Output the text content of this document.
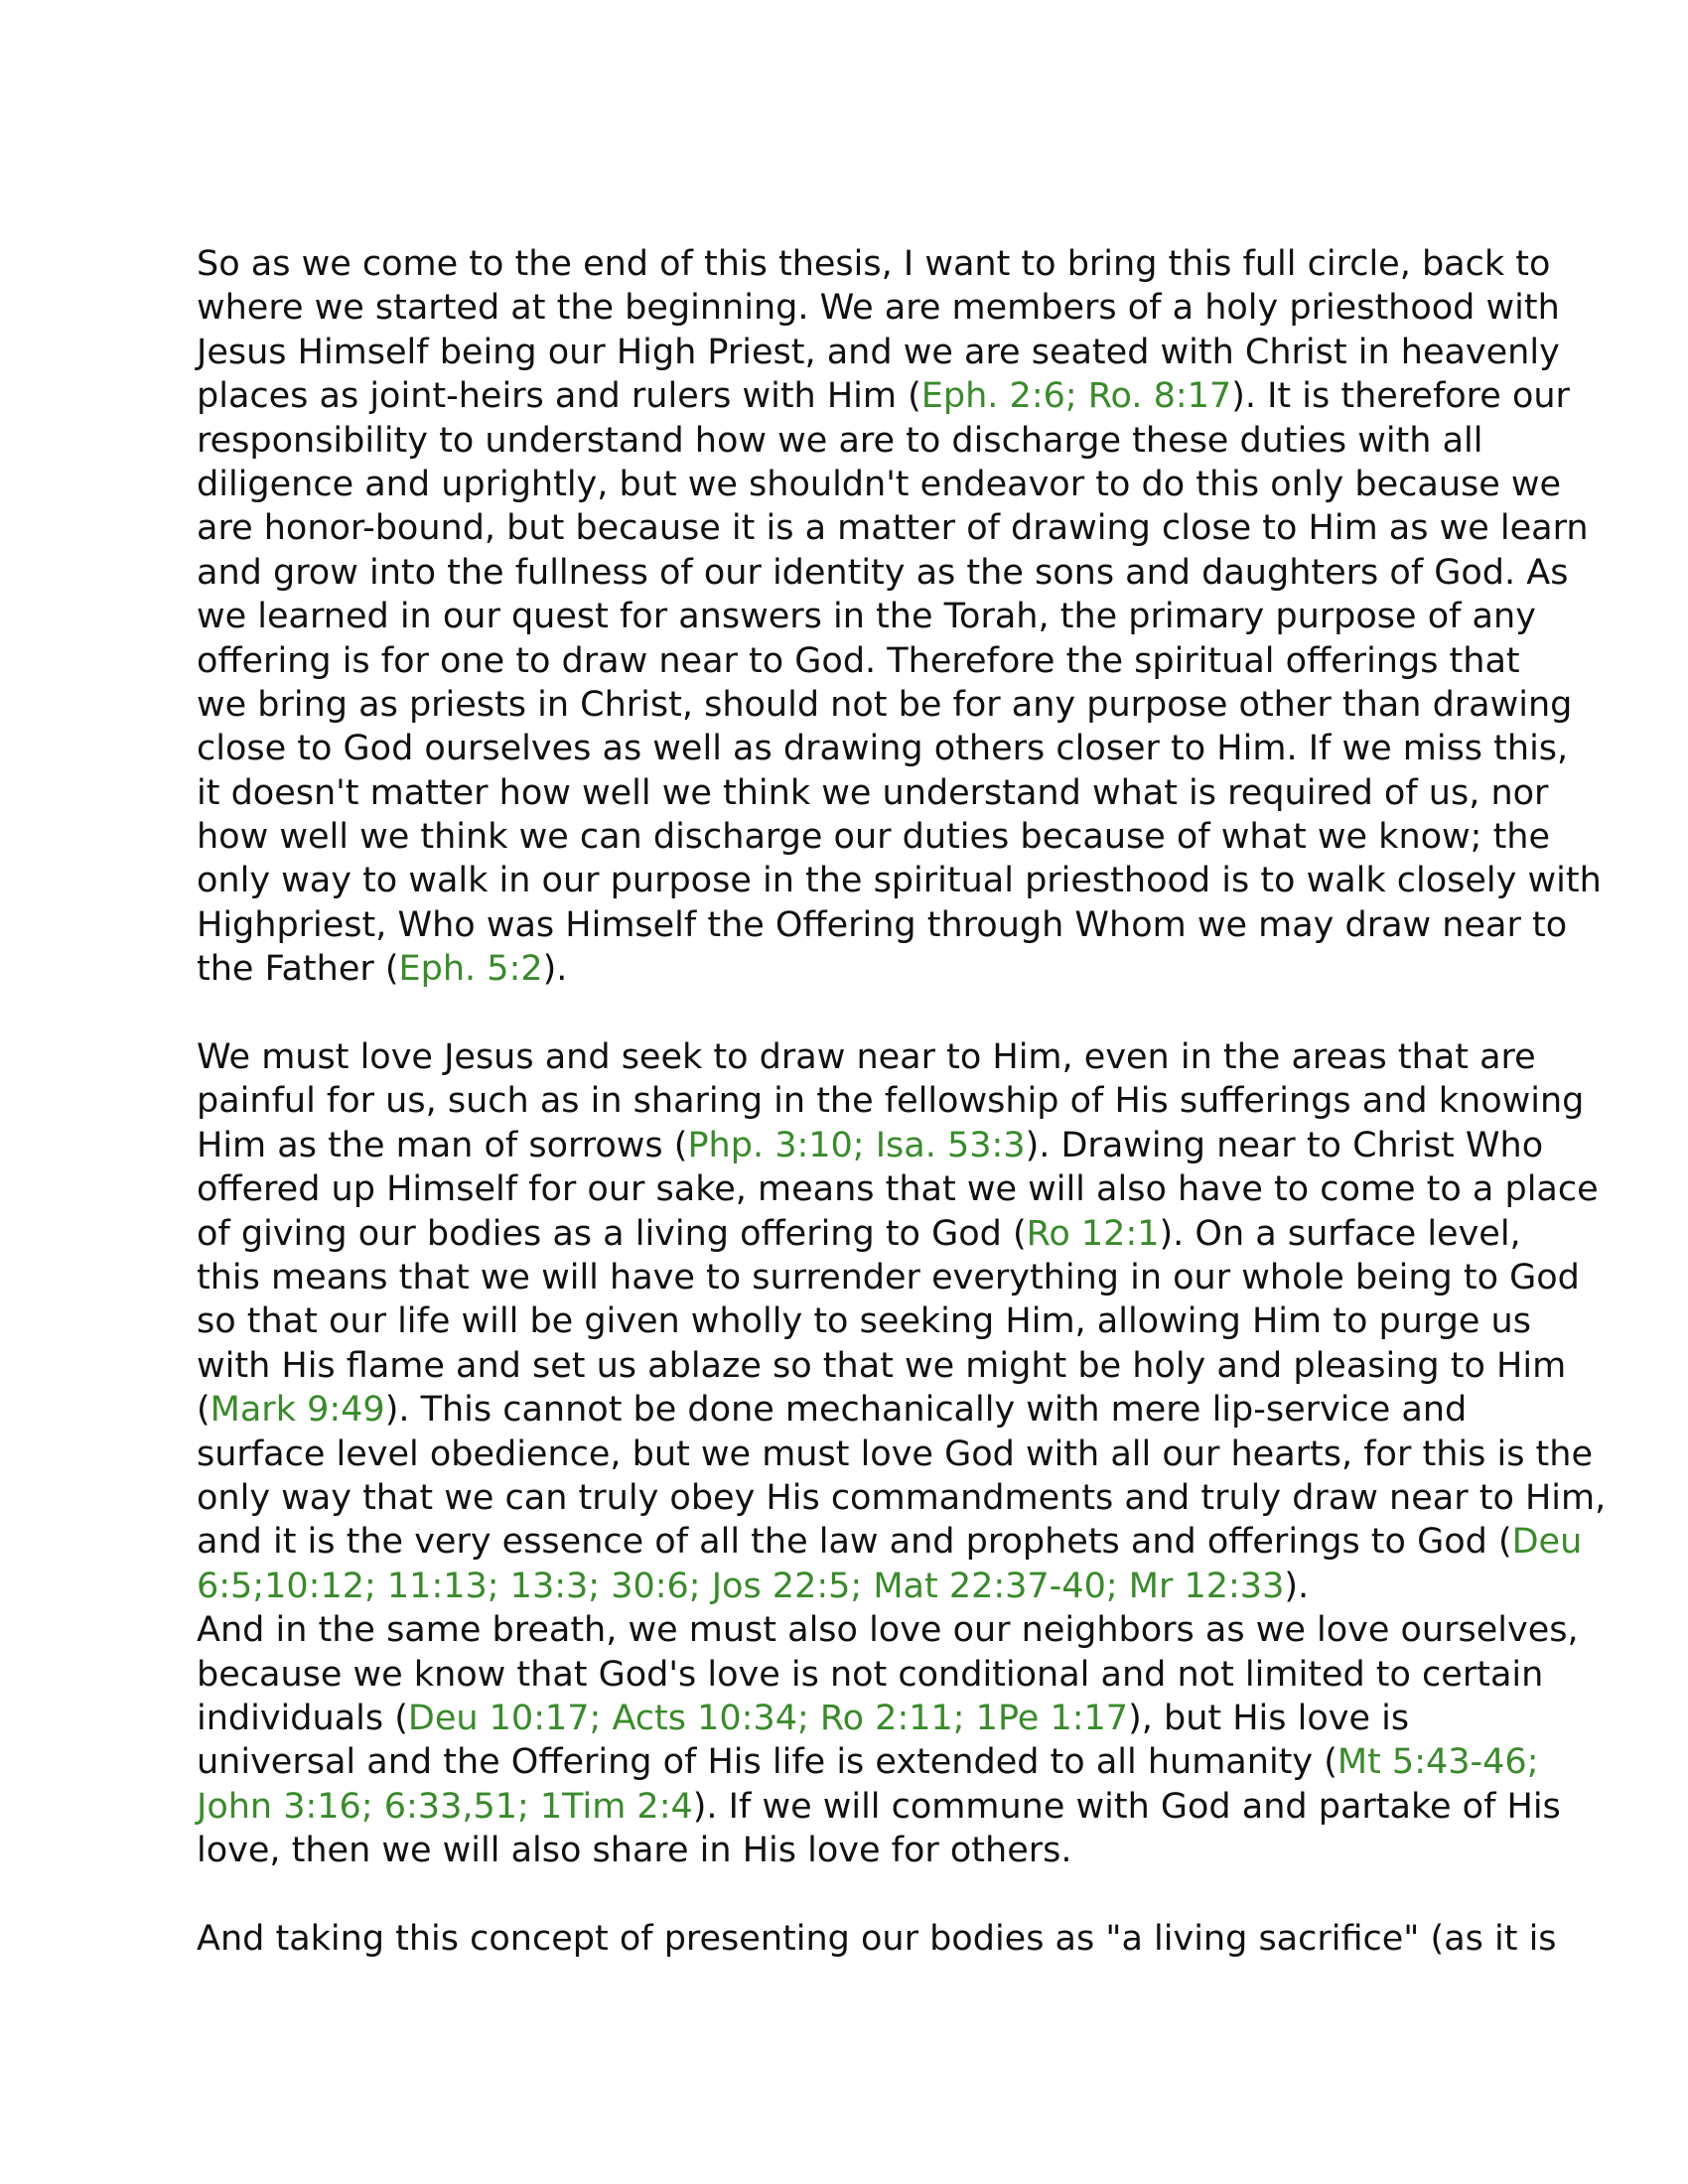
So as we come to the end of this thesis, I want to bring this full circle, back to
where we started at the beginning. We are members of a holy priesthood with
Jesus Himself being our High Priest, and we are seated with Christ in heavenly
places as joint-heirs and rulers with Him (Eph. 2:6; Ro. 8:17). It is therefore our
responsibility to understand how we are to discharge these duties with all
diligence and uprightly, but we shouldn't endeavor to do this only because we
are honor-bound, but because it is a matter of drawing close to Him as we learn
and grow into the fullness of our identity as the sons and daughters of God. As
we learned in our quest for answers in the Torah, the primary purpose of any
offering is for one to draw near to God. Therefore the spiritual offerings that
we bring as priests in Christ, should not be for any purpose other than drawing
close to God ourselves as well as drawing others closer to Him. If we miss this,
it doesn't matter how well we think we understand what is required of us, nor
how well we think we can discharge our duties because of what we know; the
only way to walk in our purpose in the spiritual priesthood is to walk closely with
Highpriest, Who was Himself the Offering through Whom we may draw near to
the Father (Eph. 5:2).
We must love Jesus and seek to draw near to Him, even in the areas that are
painful for us, such as in sharing in the fellowship of His sufferings and knowing
Him as the man of sorrows (Php. 3:10; Isa. 53:3). Drawing near to Christ Who
offered up Himself for our sake, means that we will also have to come to a place
of giving our bodies as a living offering to God (Ro 12:1). On a surface level,
this means that we will have to surrender everything in our whole being to God
so that our life will be given wholly to seeking Him, allowing Him to purge us
with His flame and set us ablaze so that we might be holy and pleasing to Him
(Mark 9:49). This cannot be done mechanically with mere lip-service and
surface level obedience, but we must love God with all our hearts, for this is the
only way that we can truly obey His commandments and truly draw near to Him,
and it is the very essence of all the law and prophets and offerings to God (Deu
6:5;10:12; 11:13; 13:3; 30:6; Jos 22:5; Mat 22:37-40; Mr 12:33).
And in the same breath, we must also love our neighbors as we love ourselves,
because we know that God's love is not conditional and not limited to certain
individuals (Deu 10:17; Acts 10:34; Ro 2:11; 1Pe 1:17), but His love is
universal and the Offering of His life is extended to all humanity (Mt 5:43-46;
John 3:16; 6:33,51; 1Tim 2:4). If we will commune with God and partake of His
love, then we will also share in His love for others.
And taking this concept of presenting our bodies as "a living sacrifice" (as it is
